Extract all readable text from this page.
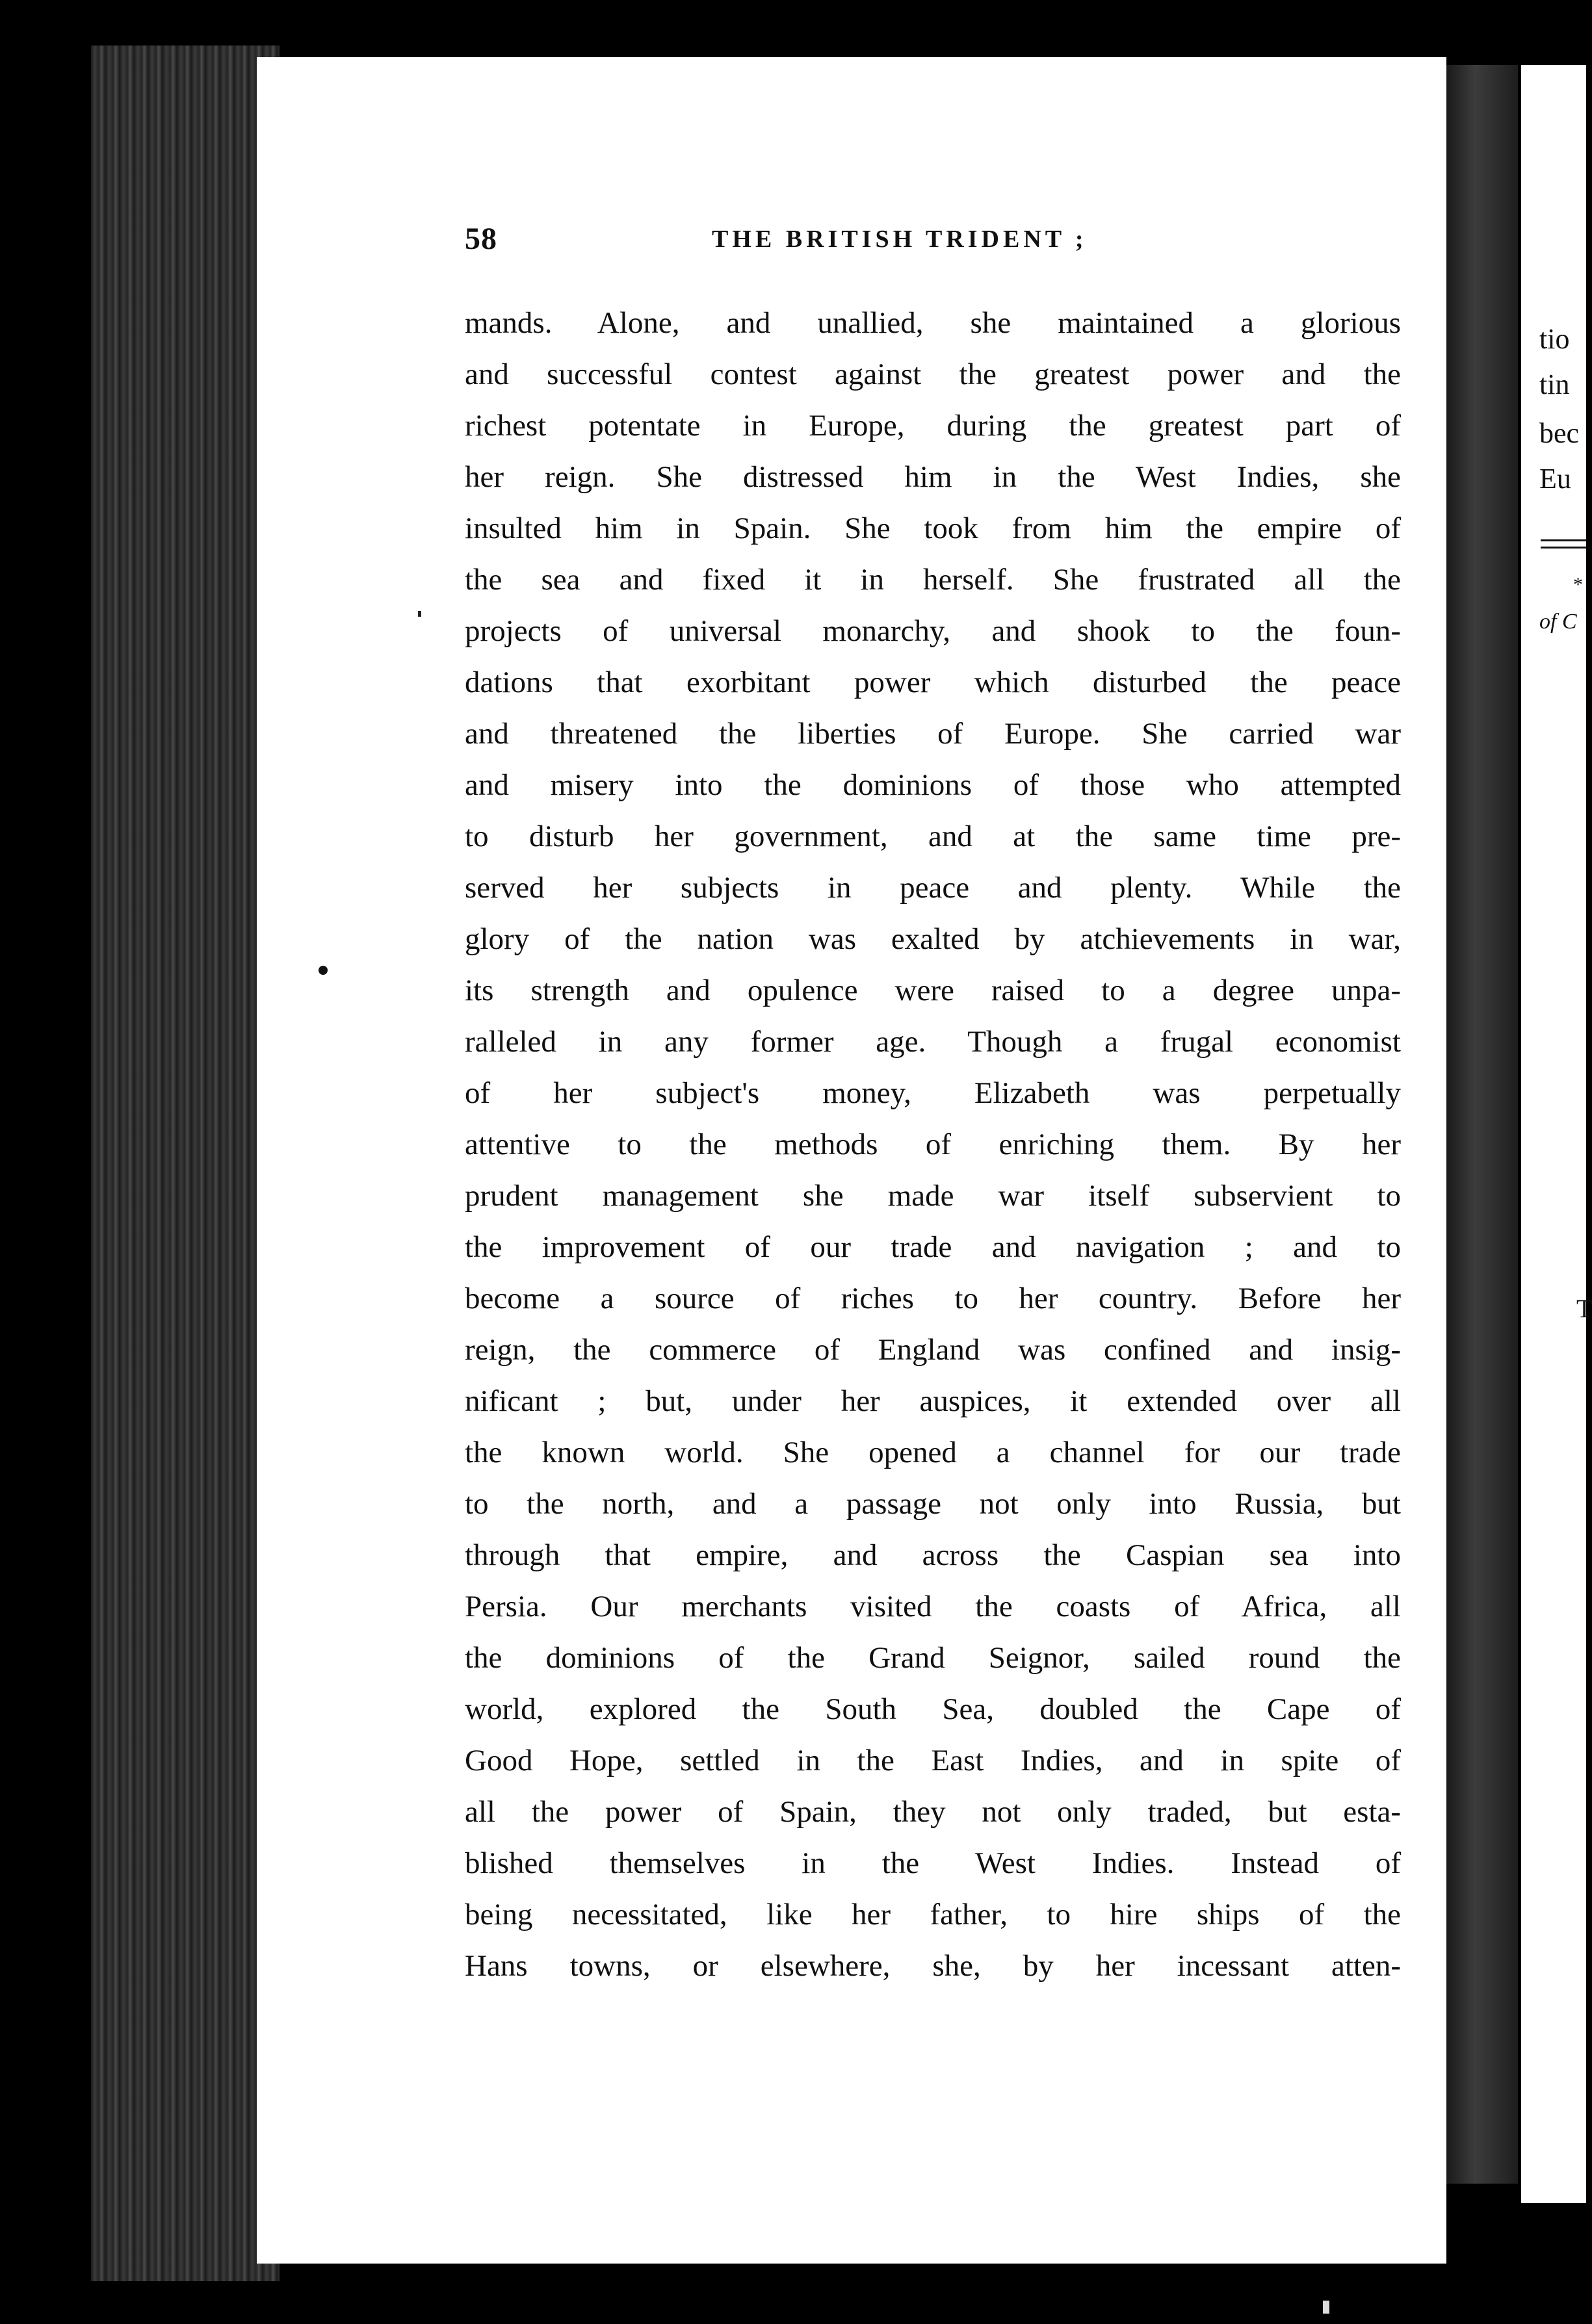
tio
tin
bec
Eu
*
of C
T
58	THE BRITISH TRIDENT ;
mands. Alone, and unallied, she maintained a glorious
and successful contest against the greatest power and the
richest potentate in Europe, during the greatest part of
her reign. She distressed him in the West Indies, she
insulted him in Spain. She took from him the empire of
the sea and fixed it in herself. She frustrated all the
projects of universal monarchy, and shook to the foun-
dations that exorbitant power which disturbed the peace
and threatened the liberties of Europe. She carried war
and misery into the dominions of those who attempted
to disturb her government, and at the same time pre-
served her subjects in peace and plenty. While the
glory of the nation was exalted by atchievements in war,
its strength and opulence were raised to a degree unpa-
ralleled in any former age. Though a frugal economist
of her subject's money, Elizabeth was perpetually
attentive to the methods of enriching them. By her
prudent management she made war itself subservient to
the improvement of our trade and navigation ; and to
become a source of riches to her country. Before her
reign, the commerce of England was confined and insig-
nificant ; but, under her auspices, it extended over all
the known world. She opened a channel for our trade
to the north, and a passage not only into Russia, but
through that empire, and across the Caspian sea into
Persia. Our merchants visited the coasts of Africa, all
the dominions of the Grand Seignor, sailed round the
world, explored the South Sea, doubled the Cape of
Good Hope, settled in the East Indies, and in spite of
all the power of Spain, they not only traded, but esta-
blished themselves in the West Indies. Instead of
being necessitated, like her father, to hire ships of the
Hans towns, or elsewhere, she, by her incessant atten-
